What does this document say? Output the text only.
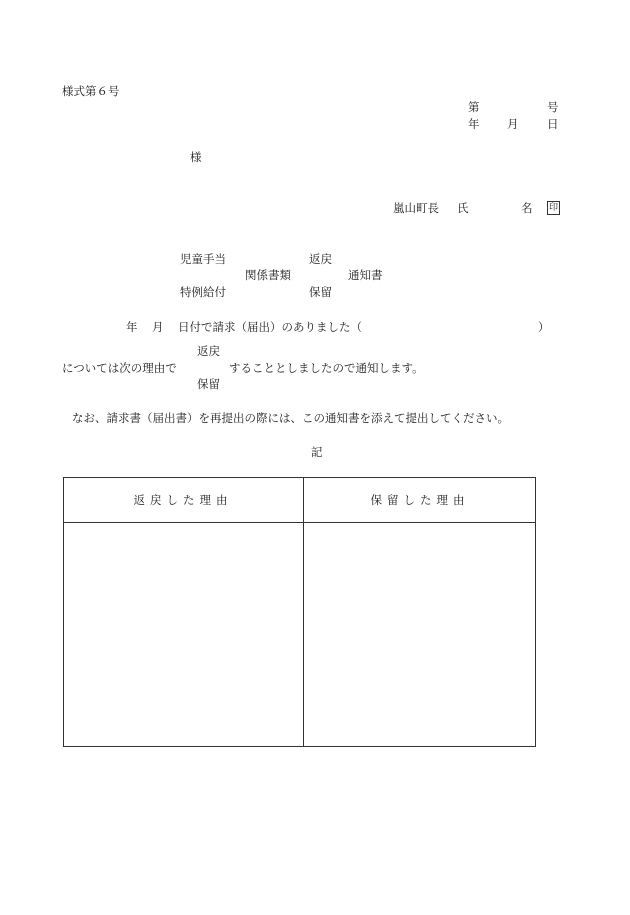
様式第６号
第	号
年 月 日
様
嵐山町長 氏	名 印
児童手当	返戻
関係書類	通知書
特例給付	保留
年 月 日付で請求（届出）のありました（	）
返戻
については次の理由で	することとしましたので通知します。
保留
なお、請求書（届出書）を再提出の際には、この通知書を添えて提出してください。
記
返戻した理由	保留した理由
